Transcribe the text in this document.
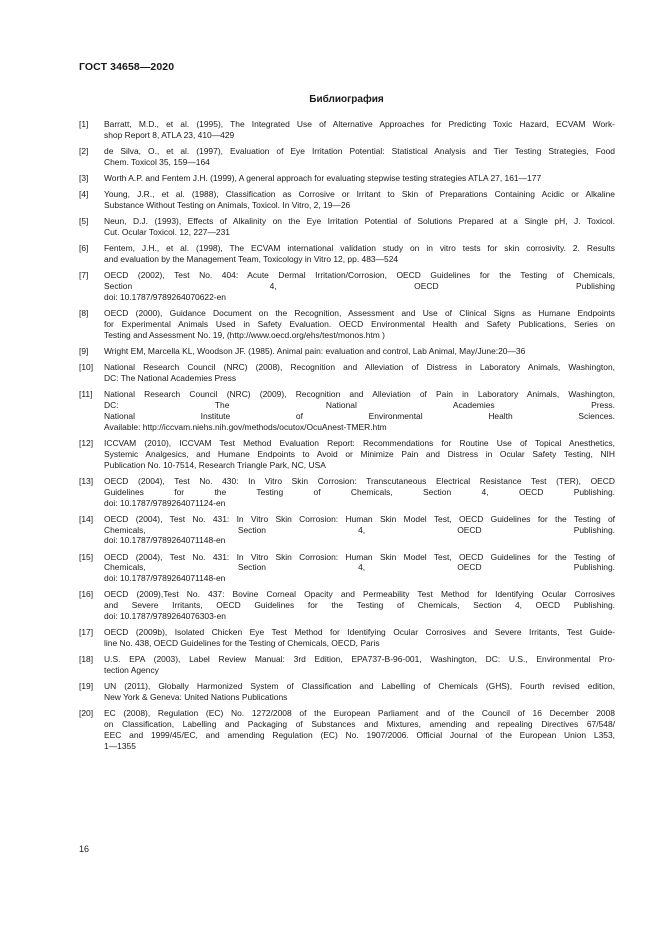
ГОСТ 34658—2020
Библиография
[1]	Barratt, M.D., et al. (1995), The Integrated Use of Alternative Approaches for Predicting Toxic Hazard, ECVAM Work-
shop Report 8, ATLA 23, 410—429
[2]	de Silva, O., et al. (1997), Evaluation of Eye Irritation Potential: Statistical Analysis and Tier Testing Strategies, Food
Chem. Toxicol 35, 159—164
[3]	Worth A.P. and Fentem J.H. (1999), A general approach for evaluating stepwise testing strategies ATLA 27, 161—177
[4]	Young, J.R., et al. (1988), Classification as Corrosive or Irritant to Skin of Preparations Containing Acidic or Alkaline
Substance Without Testing on Animals, Toxicol. In Vitro, 2, 19—26
[5]	Neun, D.J. (1993), Effects of Alkalinity on the Eye Irritation Potential of Solutions Prepared at a Single pH, J. Toxicol.
Cut. Ocular Toxicol. 12, 227—231
[6]	Fentem, J.H., et al. (1998), The ECVAM international validation study on in vitro tests for skin corrosivity. 2. Results
and evaluation by the Management Team, Toxicology in Vitro 12, pp. 483—524
[7]	OECD (2002), Test No. 404: Acute Dermal Irritation/Corrosion, OECD Guidelines for the Testing of Chemicals,
Section 4, OECD Publishing
doi: 10.1787/9789264070622-en
[8]	OECD (2000), Guidance Document on the Recognition, Assessment and Use of Clinical Signs as Humane Endpoints
for Experimental Animals Used in Safety Evaluation. OECD Environmental Health and Safety Publications, Series on
Testing and Assessment No. 19, (http://www.oecd.org/ehs/test/monos.htm )
[9]	Wright EM, Marcella KL, Woodson JF. (1985). Animal pain: evaluation and control, Lab Animal, May/June:20—36
[10]	National Research Council (NRC) (2008), Recognition and Alleviation of Distress in Laboratory Animals, Washington,
DC: The National Academies Press
[11]	National Research Council (NRC) (2009), Recognition and Alleviation of Pain in Laboratory Animals, Washington,
DC: The National Academies Press.
National Institute of Environmental Health Sciences.
Available: http://iccvam.niehs.nih.gov/methods/ocutox/OcuAnest-TMER.htm
[12]	ICCVAM (2010), ICCVAM Test Method Evaluation Report: Recommendations for Routine Use of Topical Anesthetics,
Systemic Analgesics, and Humane Endpoints to Avoid or Minimize Pain and Distress in Ocular Safety Testing, NIH
Publication No. 10-7514, Research Triangle Park, NC, USA
[13]	OECD (2004), Test No. 430: In Vitro Skin Corrosion: Transcutaneous Electrical Resistance Test (TER), OECD
Guidelines for the Testing of Chemicals, Section 4, OECD Publishing.
doi: 10.1787/9789264071124-en
[14]	OECD (2004), Test No. 431: In Vitro Skin Corrosion: Human Skin Model Test, OECD Guidelines for the Testing of
Chemicals, Section 4, OECD Publishing.
doi: 10.1787/9789264071148-en
[15]	OECD (2004), Test No. 431: In Vitro Skin Corrosion: Human Skin Model Test, OECD Guidelines for the Testing of
Chemicals, Section 4, OECD Publishing.
doi: 10.1787/9789264071148-en
[16]	OECD (2009),Test No. 437: Bovine Corneal Opacity and Permeability Test Method for Identifying Ocular Corrosives
and Severe Irritants, OECD Guidelines for the Testing of Chemicals, Section 4, OECD Publishing.
doi: 10.1787/9789264076303-en
[17]	OECD (2009b), Isolated Chicken Eye Test Method for Identifying Ocular Corrosives and Severe Irritants, Test Guide-
line No. 438, OECD Guidelines for the Testing of Chemicals, OECD, Paris
[18]	U.S. EPA (2003), Label Review Manual: 3rd Edition, EPA737-B-96-001, Washington, DC: U.S., Environmental Pro-
tection Agency
[19]	UN (2011), Globally Harmonized System of Classification and Labelling of Chemicals (GHS), Fourth revised edition,
New York & Geneva: United Nations Publications
[20]	EC (2008), Regulation (EC) No. 1272/2008 of the European Parliament and of the Council of 16 December 2008
on Classification, Labelling and Packaging of Substances and Mixtures, amending and repealing Directives 67/548/
EEC and 1999/45/EC, and amending Regulation (EC) No. 1907/2006. Official Journal of the European Union L353,
1—1355
16
